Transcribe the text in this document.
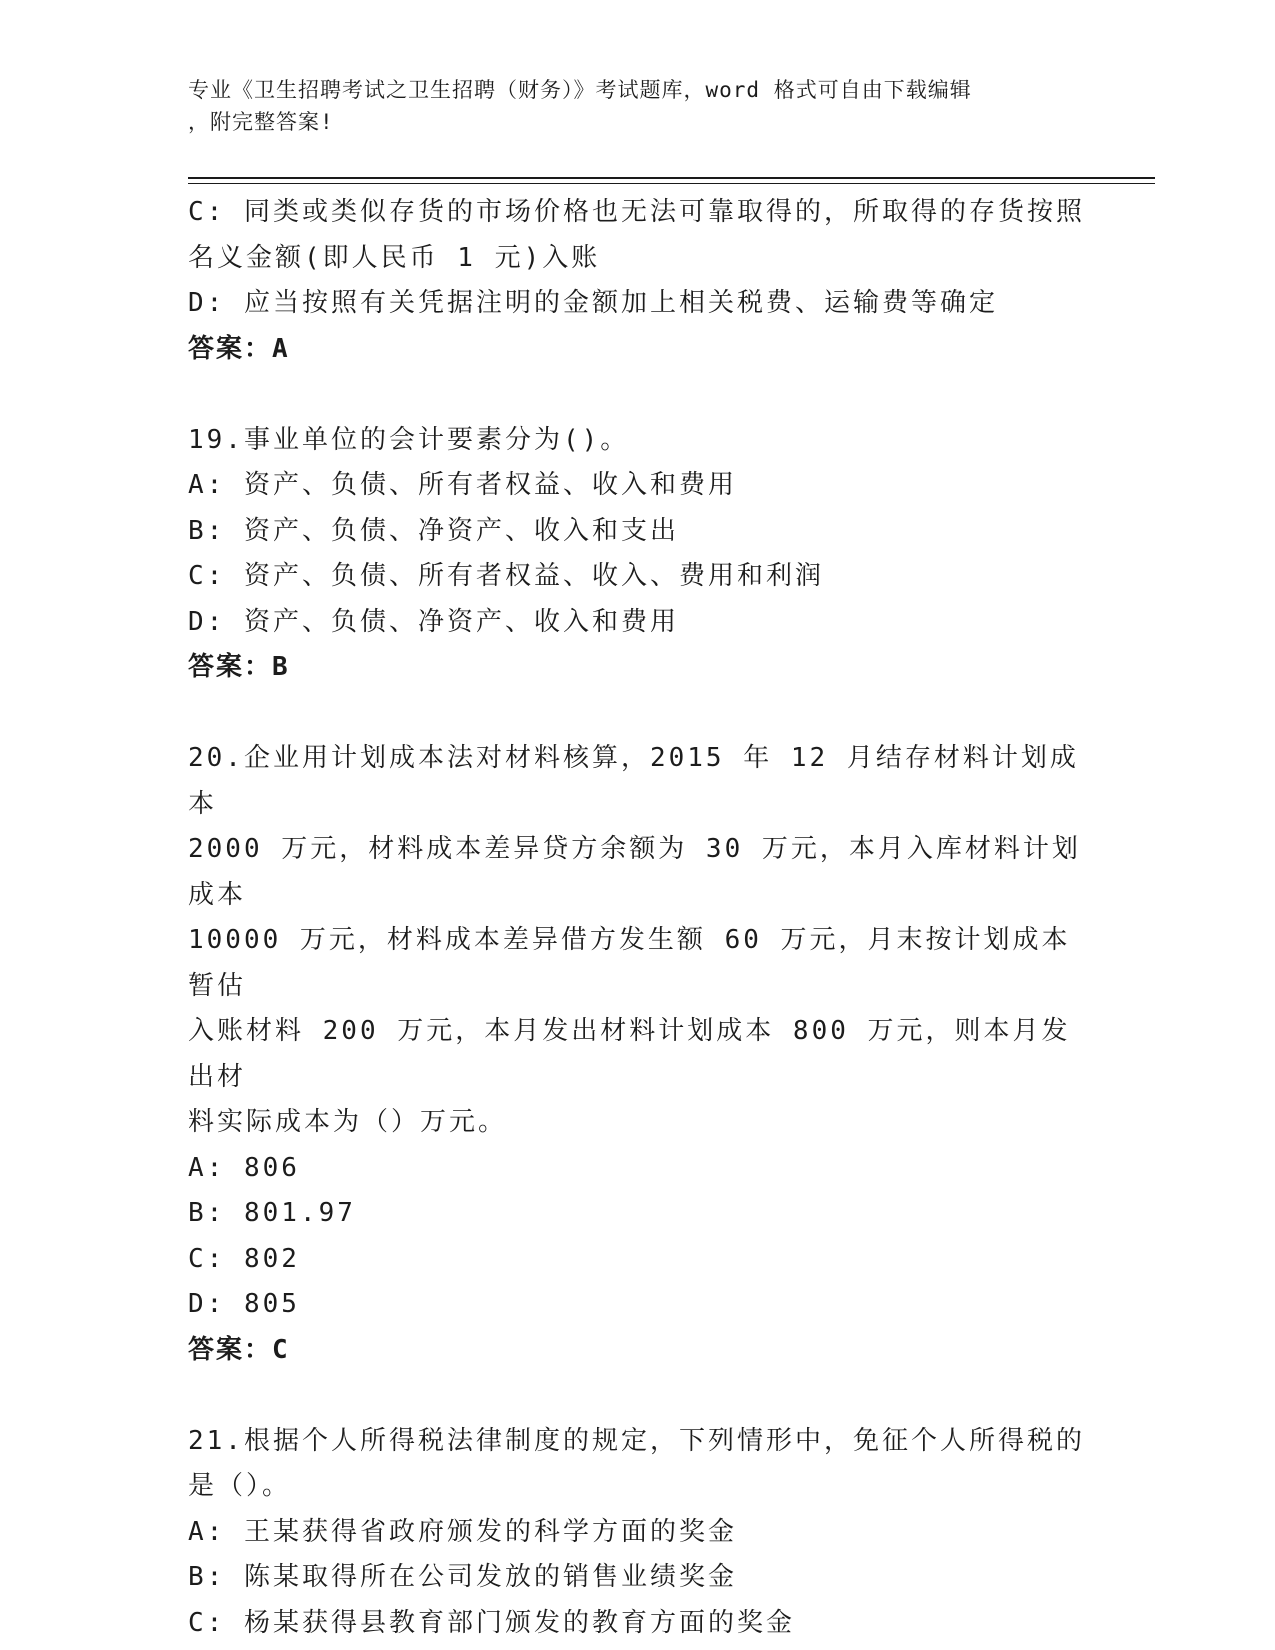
专业《卫生招聘考试之卫生招聘（财务）》考试题库，word 格式可自由下载编辑
，附完整答案!

C: 同类或类似存货的市场价格也无法可靠取得的，所取得的存货按照

名义金额(即人民币 1 元)入账

D: 应当按照有关凭据注明的金额加上相关税费、运输费等确定

答案：A

19.事业单位的会计要素分为()。

A: 资产、负债、所有者权益、收入和费用

B: 资产、负债、净资产、收入和支出

C: 资产、负债、所有者权益、收入、费用和利润

D: 资产、负债、净资产、收入和费用

答案：B

20.企业用计划成本法对材料核算，2015 年 12 月结存材料计划成本

2000 万元，材料成本差异贷方余额为 30 万元，本月入库材料计划成本

10000 万元，材料成本差异借方发生额 60 万元，月末按计划成本暂估

入账材料 200 万元，本月发出材料计划成本 800 万元，则本月发出材

料实际成本为（）万元。

A: 806

B: 801.97

C: 802

D: 805

答案：C

21.根据个人所得税法律制度的规定，下列情形中，免征个人所得税的

是（）。

A: 王某获得省政府颁发的科学方面的奖金

B: 陈某取得所在公司发放的销售业绩奖金

C: 杨某获得县教育部门颁发的教育方面的奖金
